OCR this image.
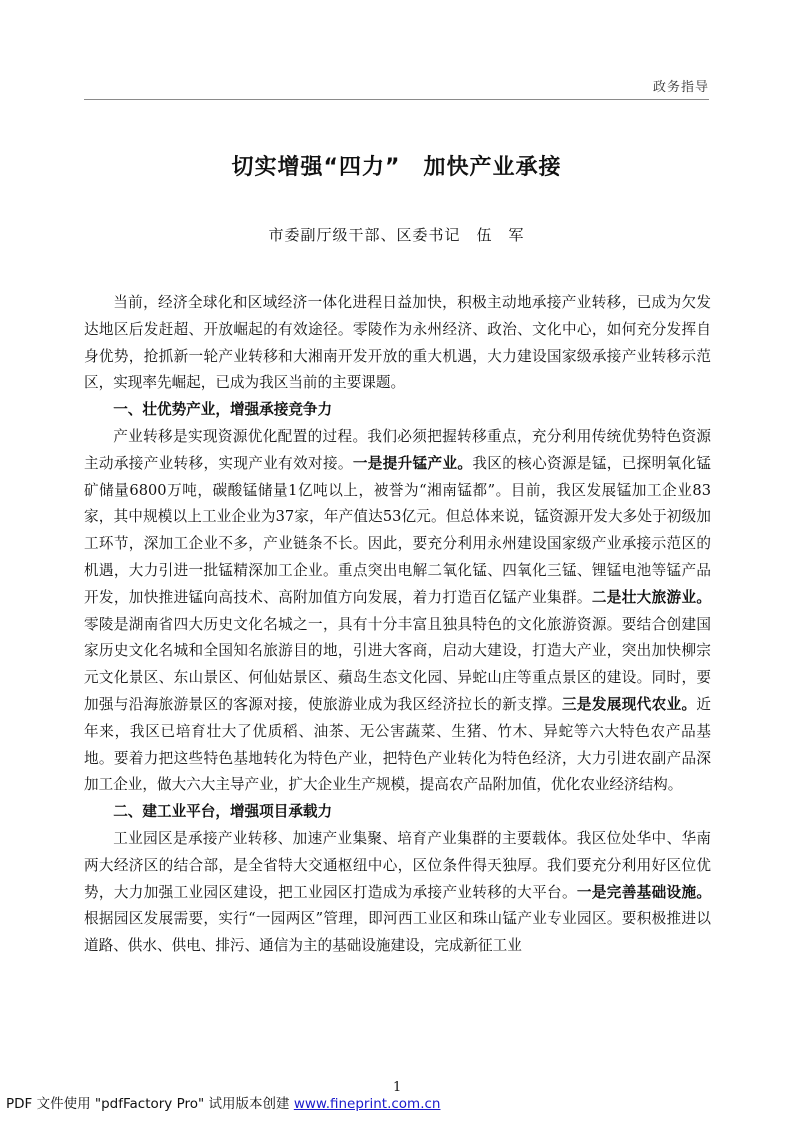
政务指导
切实增强“四力”　加快产业承接
市委副厅级干部、区委书记　伍　军

当前，经济全球化和区域经济一体化进程日益加快，积极主动地承接产业转移，已成为欠发达地区后发赶超、开放崛起的有效途径。零陵作为永州经济、政治、文化中心，如何充分发挥自身优势，抢抓新一轮产业转移和大湘南开发开放的重大机遇，大力建设国家级承接产业转移示范区，实现率先崛起，已成为我区当前的主要课题。

一、壮优势产业，增强承接竞争力

产业转移是实现资源优化配置的过程。我们必须把握转移重点，充分利用传统优势特色资源主动承接产业转移，实现产业有效对接。一是提升锰产业。我区的核心资源是锰，已探明氧化锰矿储量6800万吨，碳酸锰储量1亿吨以上，被誉为“湘南锰都”。目前，我区发展锰加工企业83家，其中规模以上工业企业为37家，年产值达53亿元。但总体来说，锰资源开发大多处于初级加工环节，深加工企业不多，产业链条不长。因此，要充分利用永州建设国家级产业承接示范区的机遇，大力引进一批锰精深加工企业。重点突出电解二氧化锰、四氧化三锰、锂锰电池等锰产品开发，加快推进锰向高技术、高附加值方向发展，着力打造百亿锰产业集群。二是壮大旅游业。零陵是湖南省四大历史文化名城之一，具有十分丰富且独具特色的文化旅游资源。要结合创建国家历史文化名城和全国知名旅游目的地，引进大客商，启动大建设，打造大产业，突出加快柳宗元文化景区、东山景区、何仙姑景区、蘋岛生态文化园、异蛇山庄等重点景区的建设。同时，要加强与沿海旅游景区的客源对接，使旅游业成为我区经济拉长的新支撑。三是发展现代农业。近年来，我区已培育壮大了优质稻、油茶、无公害蔬菜、生猪、竹木、异蛇等六大特色农产品基地。要着力把这些特色基地转化为特色产业，把特色产业转化为特色经济，大力引进农副产品深加工企业，做大六大主导产业，扩大企业生产规模，提高农产品附加值，优化农业经济结构。

二、建工业平台，增强项目承载力

工业园区是承接产业转移、加速产业集聚、培育产业集群的主要载体。我区位处华中、华南两大经济区的结合部，是全省特大交通枢纽中心，区位条件得天独厚。我们要充分利用好区位优势，大力加强工业园区建设，把工业园区打造成为承接产业转移的大平台。一是完善基础设施。根据园区发展需要，实行“一园两区”管理，即河西工业区和珠山锰产业专业园区。要积极推进以道路、供水、供电、排污、通信为主的基础设施建设，完成新征工业

1
PDF 文件使用 "pdfFactory Pro" 试用版本创建 www.fineprint.com.cn
